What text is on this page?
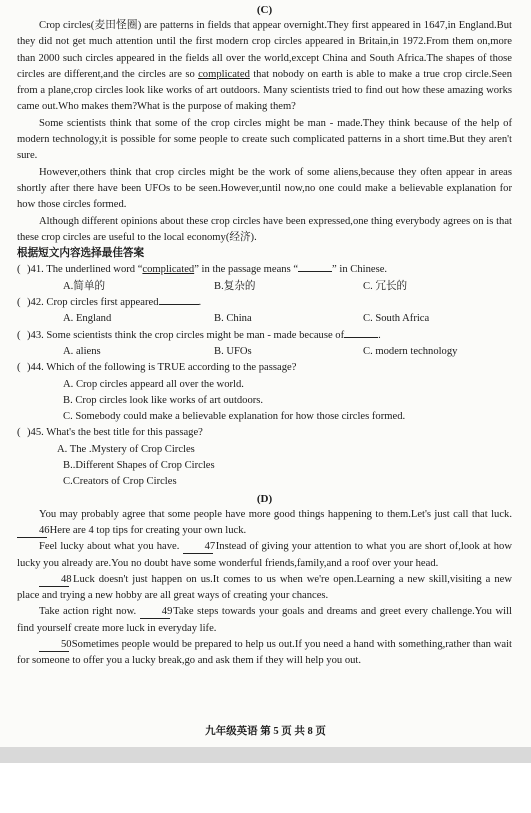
(C)

Crop circles(麦田怪圈) are patterns in fields that appear overnight.They first appeared in 1647,in England.But they did not get much attention until the first modern crop circles appeared in Britain,in 1972.From them on,more than 2000 such circles appeared in the fields all over the world,except China and South Africa.The shapes of those circles are different,and the circles are so complicated that nobody on earth is able to make a true crop circle.Seen from a plane,crop circles look like works of art outdoors. Many scientists tried to find out how these amazing works came out.Who makes them?What is the purpose of making them?

Some scientists think that some of the crop circles might be man - made.They think because of the help of modern technology,it is possible for some people to create such complicated patterns in a short time.But they aren't sure.

However,others think that crop circles might be the work of some aliens,because they often appear in areas shortly after there have been UFOs to be seen.However,until now,no one could make a believable explanation for how those circles formed.

Although different opinions about these crop circles have been expressed,one thing everybody agrees on is that these crop circles are useful to the local economy(经济).

根据短文内容选择最佳答案
( )41. The underlined word “complicated” in the passage means “	” in Chinese.
A.简单的	B.复杂的	C. 冗长的
( )42. Crop circles first appeared	.
A. England	B. China	C. South Africa
( )43. Some scientists think the crop circles might be man - made because of	.
A. aliens	B. UFOs	C. modern technology
( )44. Which of the following is TRUE according to the passage?
A. Crop circles appeard all over the world.
B. Crop circles look like works of art outdoors.
C. Somebody could make a believable explanation for how those circles formed.
( )45. What's the best title for this passage?
A. The .Mystery of Crop Circles
B..Different Shapes of Crop Circles
C.Creators of Crop Circles
(D)

You may probably agree that some people have more good things happening to them.Let's just call that luck. 46 Here are 4 top tips for creating your own luck.

Feel lucky about what you have. 47 Instead of giving your attention to what you are short of,look at how lucky you already are.You no doubt have some wonderful friends,family,and a roof over your head.

48 Luck doesn't just happen on us.It comes to us when we're open.Learning a new skill,visiting a new place and trying a new hobby are all great ways of creating your chances.

Take action right now. 49 Take steps towards your goals and dreams and greet every challenge.You will find yourself create more luck in everyday life.

50 Sometimes people would be prepared to help us out.If you need a hand with something,rather than wait for someone to offer you a lucky break,go and ask them if they will help you out.

九年级英语 第 5 页 共 8 页
